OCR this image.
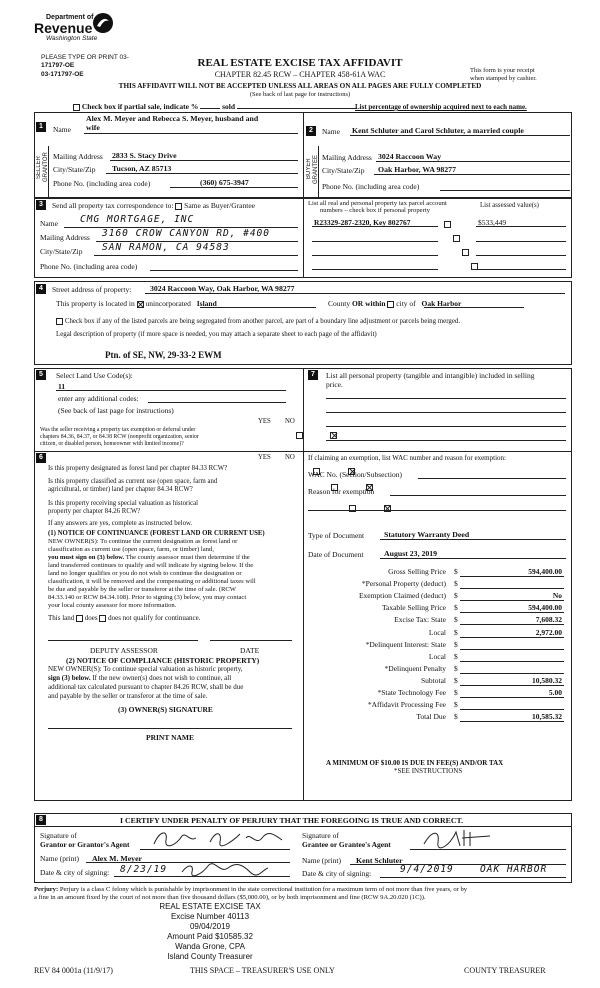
Department of
Revenue
Washington State
PLEASE TYPE OR PRINT 03-
171797-OE
03-171797-OE
REAL ESTATE EXCISE TAX AFFIDAVIT
CHAPTER 82.45 RCW – CHAPTER 458-61A WAC	This form is your receipt
when stamped by cashier.
THIS AFFIDAVIT WILL NOT BE ACCEPTED UNLESS ALL AREAS ON ALL PAGES ARE FULLY COMPLETED
(See back of last page for instructions)
Check box if partial sale, indicate %	sold	List percentage of ownership acquired next to each name.
1
SELLER GRANTOR
Name
Alex M. Meyer and Rebecca S. Meyer, husband and
wife
Mailing Address 2833 S. Stacy Drive
City/State/Zip Tucson, AZ 85713
Phone No. (including area code)	(360) 675-3947
2
BUYER GRANTEE
Name Kent Schluter and Carol Schluter, a married couple
Mailing Address 3024 Raccoon Way
City/State/Zip Oak Harbor, WA 98277
Phone No. (including area code)
3	Send all property tax correspondence to: Same as Buyer/Grantee
Name CMG MORTGAGE, INC
Mailing Address 3160 CROW CANYON RD, #400
City/State/Zip SAN RAMON, CA 94583
Phone No. (including area code)
List all real and personal property tax parcel account
numbers – check box if personal property
List assessed value(s)
R23329-287-2320, Key 802767	$533,449

4	Street address of property: 3024 Raccoon Way, Oak Harbor, WA 98277
This property is located in unincorporated Island	County OR within city of Oak Harbor
Check box if any of the listed parcels are being segregated from another parcel, are part of a boundary line adjustment or parcels being merged.
Legal description of property (if more space is needed, you may attach a separate sheet to each page of the affidavit)
Ptn. of SE, NW, 29-33-2 EWM
5	Select Land Use Code(s):
11
enter any additional codes:
(See back of last page for instructions)
YES NO
Was the seller receiving a property tax exemption or deferral under
chapters 84.36, 84.37, or 84.38 RCW (nonprofit organization, senior
citizen, or disabled person, homeowner with limited income)?

6	YES NO
Is this property designated as forest land per chapter 84.33 RCW?

Is this property classified as current use (open space, farm and
agricultural, or timber) land per chapter 84.34 RCW?

Is this property receiving special valuation as historical
property per chapter 84.26 RCW?

If any answers are yes, complete as instructed below.
(1) NOTICE OF CONTINUANCE (FOREST LAND OR CURRENT USE)
NEW OWNER(S): To continue the current designation as forest land or
classification as current use (open space, farm, or timber) land,
you must sign on (3) below. The county assessor must then determine if the
land transferred continues to qualify and will indicate by signing below. If the
land no longer qualifies or you do not wish to continue the designation or
classification, it will be removed and the compensating or additional taxes will
be due and payable by the seller or transferor at the time of sale. (RCW
84.33.140 or RCW 84.34.108). Prior to signing (3) below, you may contact
your local county assessor for more information.
This land does does not qualify for continuance.
DEPUTY ASSESSOR	DATE
(2) NOTICE OF COMPLIANCE (HISTORIC PROPERTY)
NEW OWNER(S): To continue special valuation as historic property,
sign (3) below. If the new owner(s) does not wish to continue, all
additional tax calculated pursuant to chapter 84.26 RCW, shall be due
and payable by the seller or transferor at the time of sale.
(3) OWNER(S) SIGNATURE
PRINT NAME
7	List all personal property (tangible and intangible) included in selling
price.
If claiming an exemption, list WAC number and reason for exemption:
WAC No. (Section/Subsection)
Reason for exemption
Type of Document	Statutory Warranty Deed
Date of Document	August 23, 2019
Gross Selling Price $	594,400.00
*Personal Property (deduct) $
Exemption Claimed (deduct) $	No
Taxable Selling Price $	594,400.00
Excise Tax: State $	7,608.32
Local $	2,972.00
*Delinquent Interest: State $
Local $
*Delinquent Penalty $
Subtotal $	10,580.32
*State Technology Fee $	5.00
*Affidavit Processing Fee $
Total Due $	10,585.32
A MINIMUM OF $10.00 IS DUE IN FEE(S) AND/OR TAX
*SEE INSTRUCTIONS
8	I CERTIFY UNDER PENALTY OF PERJURY THAT THE FOREGOING IS TRUE AND CORRECT.
Signature of
Grantor or Grantor's Agent
Name (print) Alex M. Meyer
Date & city of signing: 8/23/19
Signature of
Grantee or Grantee's Agent
Name (print) Kent Schluter
Date & city of signing:	9/4/2019	OAK HARBOR
Perjury: Perjury is a class C felony which is punishable by imprisonment in the state correctional institution for a maximum term of not more than five years, or by
a fine in an amount fixed by the court of not more than five thousand dollars ($5,000.00), or by both imprisonment and fine (RCW 9A.20.020 (1C)).
REAL ESTATE EXCISE TAX
Excise Number 40113
09/04/2019
Amount Paid $10585.32
Wanda Grone, CPA
Island County Treasurer
REV 84 0001a (11/9/17)	THIS SPACE – TREASURER'S USE ONLY	COUNTY TREASURER
